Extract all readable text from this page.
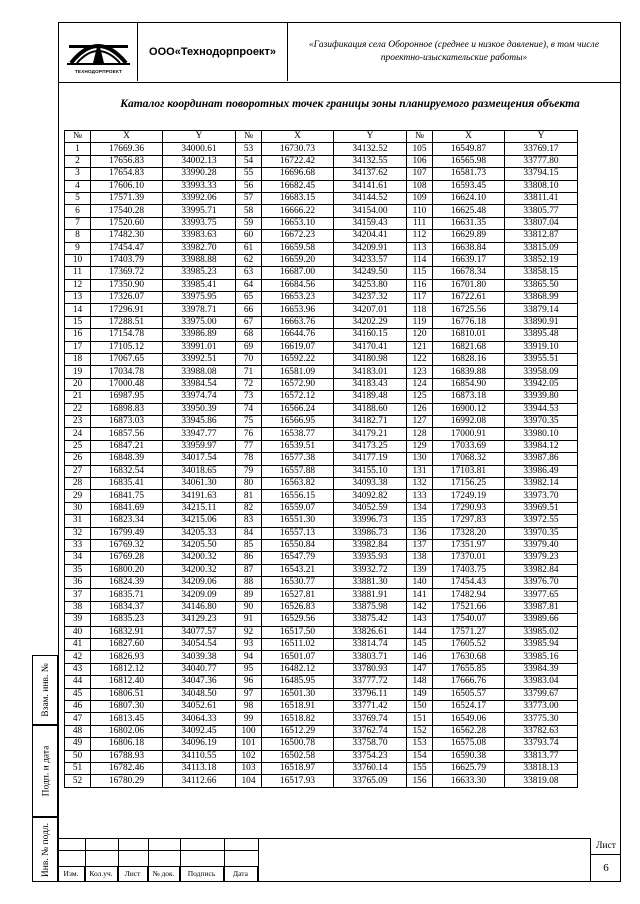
ТЕХНОДОРПРОЕКТ
ООО«Технодорпроект»
«Газификация села Оборонное (среднее и низкое давление), в том числе проектно-изыскательские работы»
Каталог координат поворотных точек границы зоны планируемого размещения объекта
№	X	Y	№	X	Y	№	X	Y
1	17669.36	34000.61	53	16730.73	34132.52	105	16549.87	33769.17
2	17656.83	34002.13	54	16722.42	34132.55	106	16565.98	33777.80
3	17654.83	33990.28	55	16696.68	34137.62	107	16581.73	33794.15
4	17606.10	33993.33	56	16682.45	34141.61	108	16593.45	33808.10
5	17571.39	33992.06	57	16683.15	34144.52	109	16624.10	33811.41
6	17540.28	33995.71	58	16666.22	34154.00	110	16625.48	33805.77
7	17520.60	33993.75	59	16653.10	34159.43	111	16631.35	33807.04
8	17482.30	33983.63	60	16672.23	34204.41	112	16629.89	33812.87
9	17454.47	33982.70	61	16659.58	34209.91	113	16638.84	33815.09
10	17403.79	33988.88	62	16659.20	34233.57	114	16639.17	33852.19
11	17369.72	33985.23	63	16687.00	34249.50	115	16678.34	33858.15
12	17350.90	33985.41	64	16684.56	34253.80	116	16701.80	33865.50
13	17326.07	33975.95	65	16653.23	34237.32	117	16722.61	33868.99
14	17296.91	33978.71	66	16653.96	34207.01	118	16725.56	33879.14
15	17288.51	33975.00	67	16663.76	34202.29	119	16776.18	33890.91
16	17154.78	33986.89	68	16644.76	34160.15	120	16810.01	33895.48
17	17105.12	33991.01	69	16619.07	34170.41	121	16821.68	33919.10
18	17067.65	33992.51	70	16592.22	34180.98	122	16828.16	33955.51
19	17034.78	33988.08	71	16581.09	34183.01	123	16839.88	33958.09
20	17000.48	33984.54	72	16572.90	34183.43	124	16854.90	33942.05
21	16987.95	33974.74	73	16572.12	34189.48	125	16873.18	33939.80
22	16898.83	33950.39	74	16566.24	34188.60	126	16900.12	33944.53
23	16873.03	33945.86	75	16566.95	34182.71	127	16992.08	33970.35
24	16857.56	33947.77	76	16538.77	34179.21	128	17000.91	33980.10
25	16847.21	33959.97	77	16539.51	34173.25	129	17033.69	33984.12
26	16848.39	34017.54	78	16577.38	34177.19	130	17068.32	33987.86
27	16832.54	34018.65	79	16557.88	34155.10	131	17103.81	33986.49
28	16835.41	34061.30	80	16563.82	34093.38	132	17156.25	33982.14
29	16841.75	34191.63	81	16556.15	34092.82	133	17249.19	33973.70
30	16841.69	34215.11	82	16559.07	34052.59	134	17290.93	33969.51
31	16823.34	34215.06	83	16551.30	33996.73	135	17297.83	33972.55
32	16799.49	34205.33	84	16557.13	33986.73	136	17328.20	33970.35
33	16769.32	34205.50	85	16550.84	33982.84	137	17351.97	33979.40
34	16769.28	34200.32	86	16547.79	33935.93	138	17370.01	33979.23
35	16800.20	34200.32	87	16543.21	33932.72	139	17403.75	33982.84
36	16824.39	34209.06	88	16530.77	33881.30	140	17454.43	33976.70
37	16835.71	34209.09	89	16527.81	33881.91	141	17482.94	33977.65
38	16834.37	34146.80	90	16526.83	33875.98	142	17521.66	33987.81
39	16835.23	34129.23	91	16529.56	33875.42	143	17540.07	33989.66
40	16832.91	34077.57	92	16517.50	33826.61	144	17571.27	33985.02
41	16827.60	34054.54	93	16511.02	33814.74	145	17605.52	33985.94
42	16826.93	34039.38	94	16501.07	33803.71	146	17630.68	33985.16
43	16812.12	34040.77	95	16482.12	33780.93	147	17655.85	33984.39
44	16812.40	34047.36	96	16485.95	33777.72	148	17666.76	33983.04
45	16806.51	34048.50	97	16501.30	33796.11	149	16505.57	33799.67
46	16807.30	34052.61	98	16518.91	33771.42	150	16524.17	33773.00
47	16813.45	34064.33	99	16518.82	33769.74	151	16549.06	33775.30
48	16802.06	34092.45	100	16512.29	33762.74	152	16562.28	33782.63
49	16806.18	34096.19	101	16500.78	33758.70	153	16575.08	33793.74
50	16788.93	34110.55	102	16502.58	33754.23	154	16590.38	33813.77
51	16782.46	34113.18	103	16518.97	33760.14	155	16625.79	33818.13
52	16780.29	34112.66	104	16517.93	33765.09	156	16633.30	33819.08
Взам. инв. №
Подп. и дата
Инв. № подл.	Изм.	Кол.уч.	Лист	№ док.	Подпись	Дата
Лист
6
